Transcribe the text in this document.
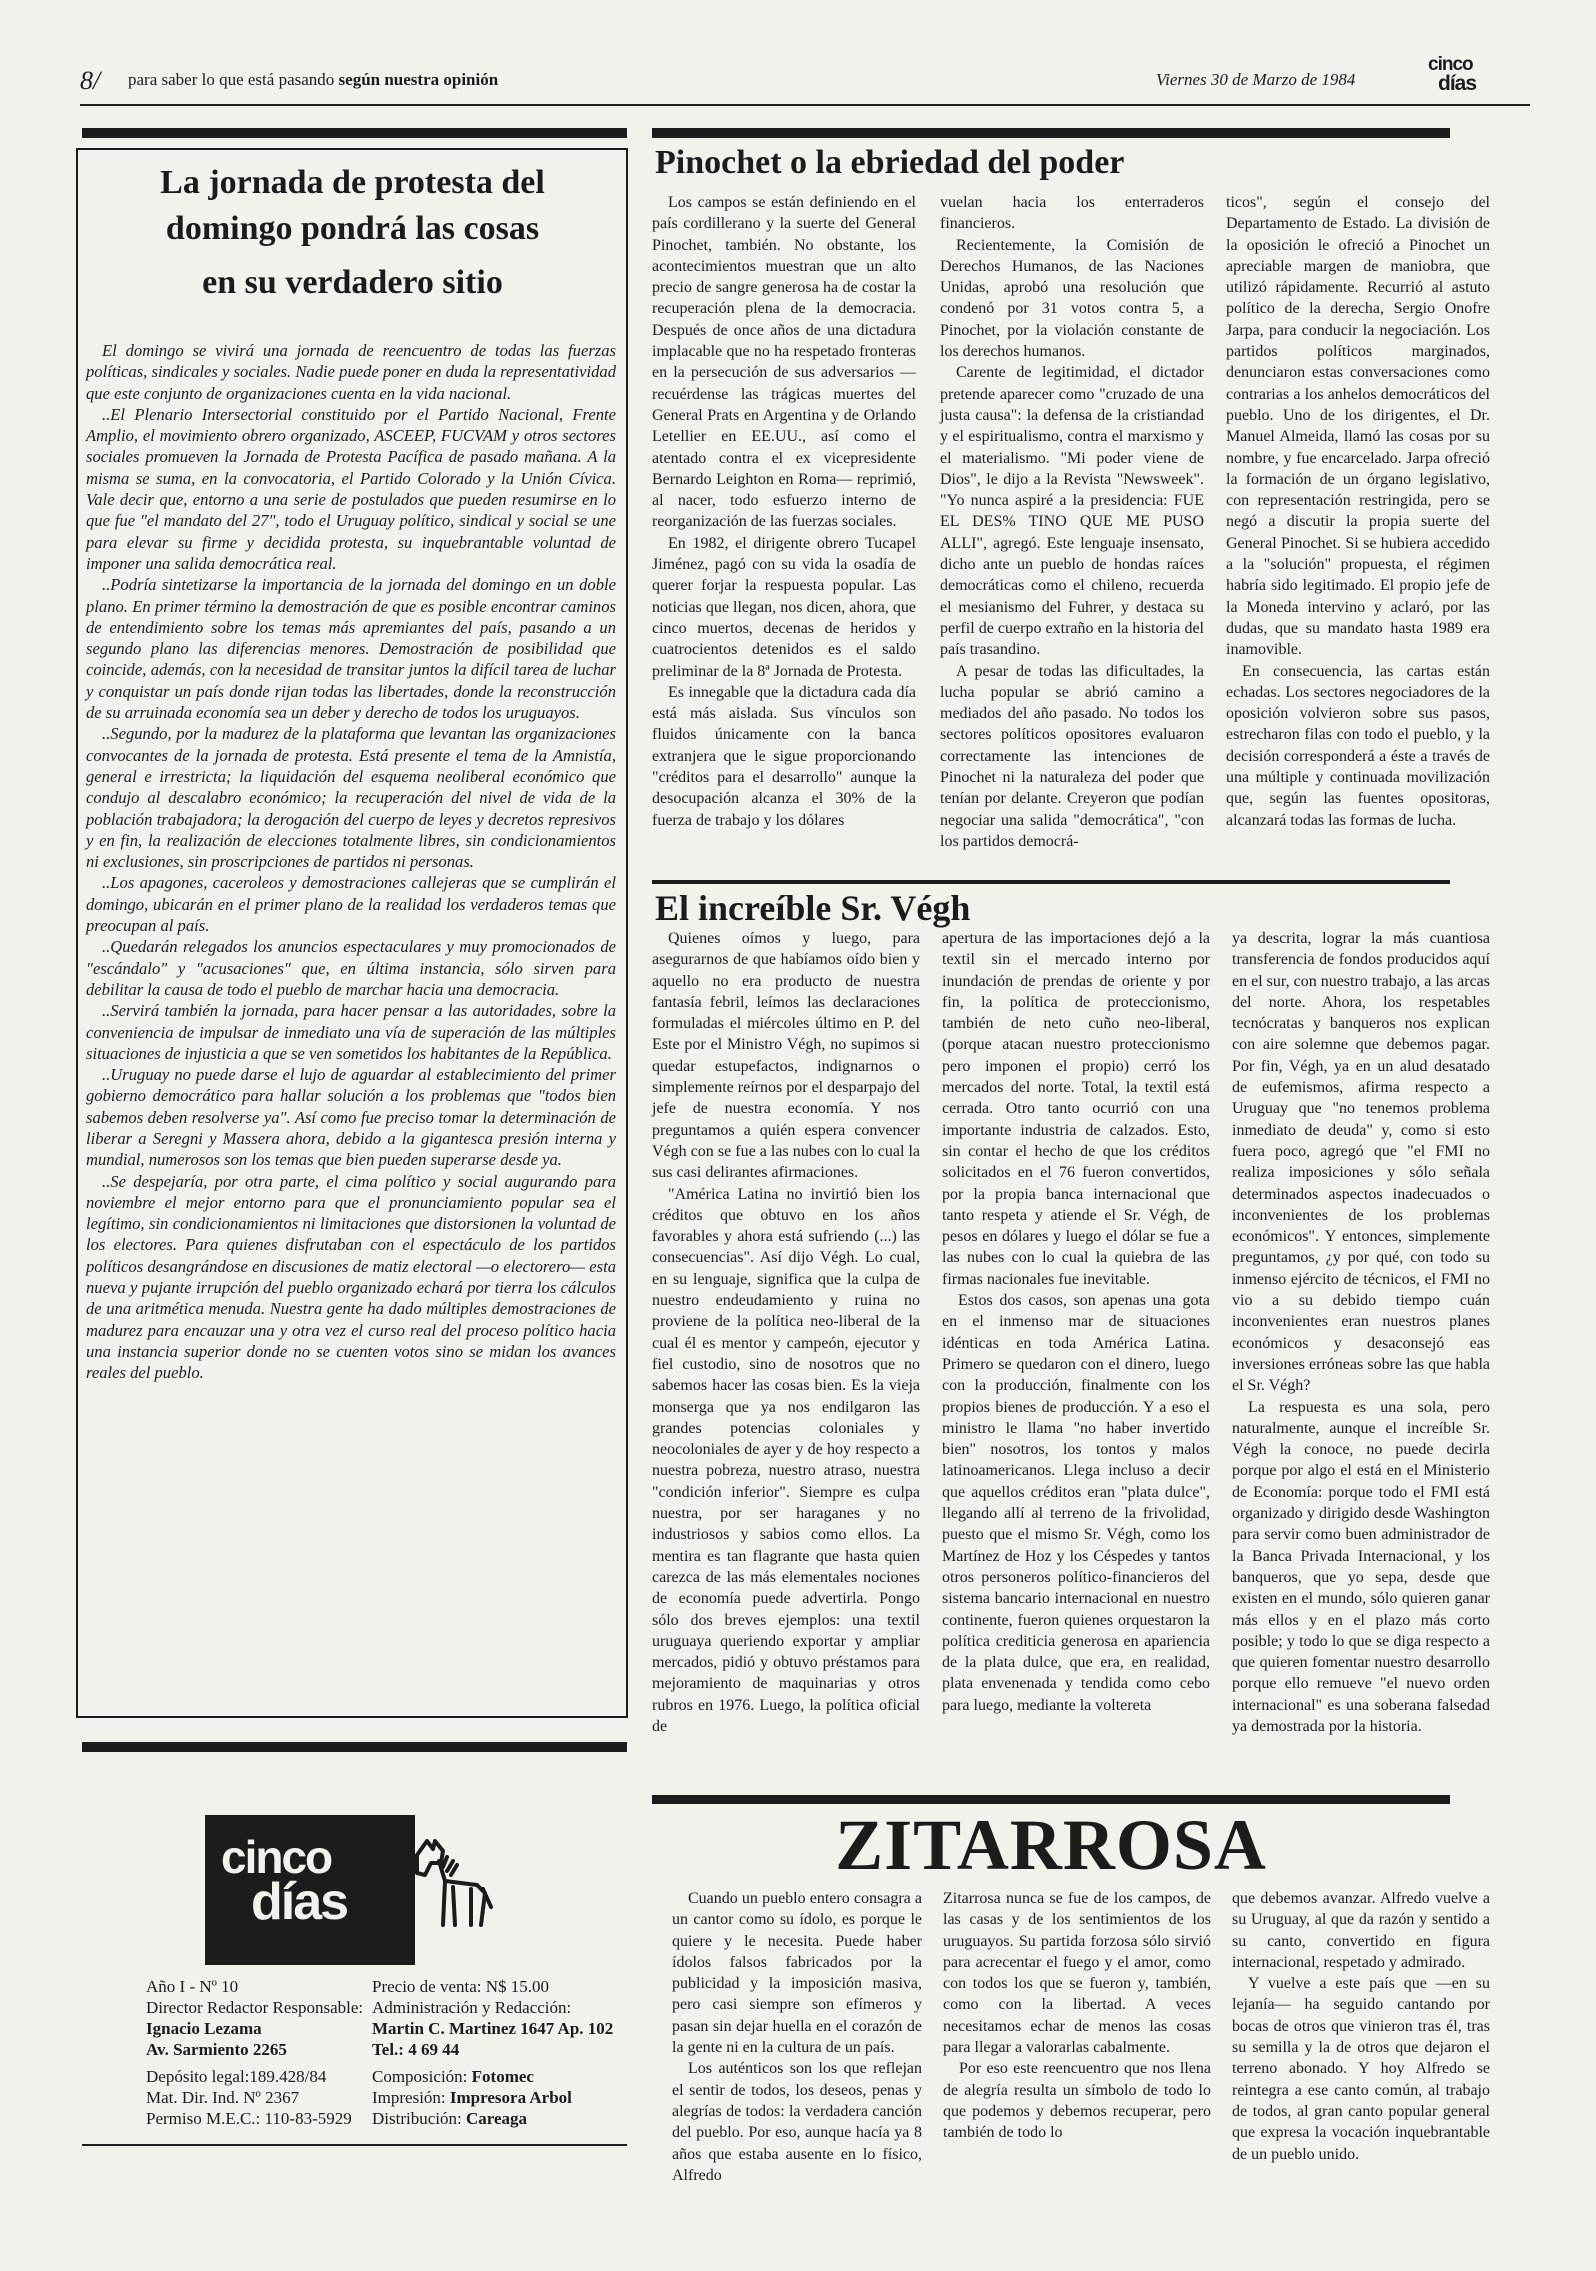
8/ para saber lo que está pasando según nuestra opinión	Viernes 30 de Marzo de 1984
cinco
días
La jornada de protesta del
domingo pondrá las cosas
en su verdadero sitio

El domingo se vivirá una jornada de reencuentro de todas las fuerzas políticas, sindicales y sociales. Nadie puede poner en duda la representatividad que este conjunto de organizaciones cuenta en la vida nacional.

..El Plenario Intersectorial constituido por el Partido Nacional, Frente Amplio, el movimiento obrero organizado, ASCEEP, FUCVAM y otros sectores sociales promueven la Jornada de Protesta Pacífica de pasado mañana. A la misma se suma, en la convocatoria, el Partido Colorado y la Unión Cívica. Vale decir que, entorno a una serie de postulados que pueden resumirse en lo que fue "el mandato del 27", todo el Uruguay político, sindical y social se une para elevar su firme y decidida protesta, su inquebrantable voluntad de imponer una salida democrática real.

..Podría sintetizarse la importancia de la jornada del domingo en un doble plano. En primer término la demostración de que es posible encontrar caminos de entendimiento sobre los temas más apremiantes del país, pasando a un segundo plano las diferencias menores. Demostración de posibilidad que coincide, además, con la necesidad de transitar juntos la difícil tarea de luchar y conquistar un país donde rijan todas las libertades, donde la reconstrucción de su arruinada economía sea un deber y derecho de todos los uruguayos.

..Segundo, por la madurez de la plataforma que levantan las organizaciones convocantes de la jornada de protesta. Está presente el tema de la Amnistía, general e irrestricta; la liquidación del esquema neoliberal económico que condujo al descalabro económico; la recuperación del nivel de vida de la población trabajadora; la derogación del cuerpo de leyes y decretos represivos y en fin, la realización de elecciones totalmente libres, sin condicionamientos ni exclusiones, sin proscripciones de partidos ni personas.

..Los apagones, caceroleos y demostraciones callejeras que se cumplirán el domingo, ubicarán en el primer plano de la realidad los verdaderos temas que preocupan al país.

..Quedarán relegados los anuncios espectaculares y muy promocionados de "escándalo" y "acusaciones" que, en última instancia, sólo sirven para debilitar la causa de todo el pueblo de marchar hacia una democracia.

..Servirá también la jornada, para hacer pensar a las autoridades, sobre la conveniencia de impulsar de inmediato una vía de superación de las múltiples situaciones de injusticia a que se ven sometidos los habitantes de la República.

..Uruguay no puede darse el lujo de aguardar al establecimiento del primer gobierno democrático para hallar solución a los problemas que "todos bien sabemos deben resolverse ya". Así como fue preciso tomar la determinación de liberar a Seregni y Massera ahora, debido a la gigantesca presión interna y mundial, numerosos son los temas que bien pueden superarse desde ya.

..Se despejaría, por otra parte, el cima político y social augurando para noviembre el mejor entorno para que el pronunciamiento popular sea el legítimo, sin condicionamientos ni limitaciones que distorsionen la voluntad de los electores. Para quienes disfrutaban con el espectáculo de los partidos políticos desangrándose en discusiones de matiz electoral —o electorero— esta nueva y pujante irrupción del pueblo organizado echará por tierra los cálculos de una aritmética menuda. Nuestra gente ha dado múltiples demostraciones de madurez para encauzar una y otra vez el curso real del proceso político hacia una instancia superior donde no se cuenten votos sino se midan los avances reales del pueblo.

Pinochet o la ebriedad del poder

Los campos se están definiendo en el país cordillerano y la suerte del General Pinochet, también. No obstante, los acontecimientos muestran que un alto precio de sangre generosa ha de costar la recuperación plena de la democracia. Después de once años de una dictadura implacable que no ha respetado fronteras en la persecución de sus adversarios —recuérdense las trágicas muertes del General Prats en Argentina y de Orlando Letellier en EE.UU., así como el atentado contra el ex vicepresidente Bernardo Leighton en Roma— reprimió, al nacer, todo esfuerzo interno de reorganización de las fuerzas sociales.

En 1982, el dirigente obrero Tucapel Jiménez, pagó con su vida la osadía de querer forjar la respuesta popular. Las noticias que llegan, nos dicen, ahora, que cinco muertos, decenas de heridos y cuatrocientos detenidos es el saldo preliminar de la 8ª Jornada de Protesta.

Es innegable que la dictadura cada día está más aislada. Sus vínculos son fluidos únicamente con la banca extranjera que le sigue proporcionando "créditos para el desarrollo" aunque la desocupación alcanza el 30% de la fuerza de trabajo y los dólares

vuelan hacia los enterraderos financieros.

Recientemente, la Comisión de Derechos Humanos, de las Naciones Unidas, aprobó una resolución que condenó por 31 votos contra 5, a Pinochet, por la violación constante de los derechos humanos.

Carente de legitimidad, el dictador pretende aparecer como "cruzado de una justa causa": la defensa de la cristiandad y el espiritualismo, contra el marxismo y el materialismo. "Mi poder viene de Dios", le dijo a la Revista "Newsweek". "Yo nunca aspiré a la presidencia: FUE EL DES% TINO QUE ME PUSO ALLI", agregó. Este lenguaje insensato, dicho ante un pueblo de hondas raíces democráticas como el chileno, recuerda el mesianismo del Fuhrer, y destaca su perfil de cuerpo extraño en la historia del país trasandino.

A pesar de todas las dificultades, la lucha popular se abrió camino a mediados del año pasado. No todos los sectores políticos opositores evaluaron correctamente las intenciones de Pinochet ni la naturaleza del poder que tenían por delante. Creyeron que podían negociar una salida "democrática", "con los partidos democrá-

ticos", según el consejo del Departamento de Estado. La división de la oposición le ofreció a Pinochet un apreciable margen de maniobra, que utilizó rápidamente. Recurrió al astuto político de la derecha, Sergio Onofre Jarpa, para conducir la negociación. Los partidos políticos marginados, denunciaron estas conversaciones como contrarias a los anhelos democráticos del pueblo. Uno de los dirigentes, el Dr. Manuel Almeida, llamó las cosas por su nombre, y fue encarcelado. Jarpa ofreció la formación de un órgano legislativo, con representación restringida, pero se negó a discutir la propia suerte del General Pinochet. Si se hubiera accedido a la "solución" propuesta, el régimen habría sido legitimado. El propio jefe de la Moneda intervino y aclaró, por las dudas, que su mandato hasta 1989 era inamovible.

En consecuencia, las cartas están echadas. Los sectores negociadores de la oposición volvieron sobre sus pasos, estrecharon filas con todo el pueblo, y la decisión corresponderá a éste a través de una múltiple y continuada movilización que, según las fuentes opositoras, alcanzará todas las formas de lucha.

El increíble Sr. Végh

Quienes oímos y luego, para asegurarnos de que habíamos oído bien y aquello no era producto de nuestra fantasía febril, leímos las declaraciones formuladas el miércoles último en P. del Este por el Ministro Végh, no supimos si quedar estupefactos, indignarnos o simplemente reírnos por el desparpajo del jefe de nuestra economía. Y nos preguntamos a quién espera convencer Végh con se fue a las nubes con lo cual la sus casi delirantes afirmaciones.

"América Latina no invirtió bien los créditos que obtuvo en los años favorables y ahora está sufriendo (...) las consecuencias". Así dijo Végh. Lo cual, en su lenguaje, significa que la culpa de nuestro endeudamiento y ruina no proviene de la política neo-liberal de la cual él es mentor y campeón, ejecutor y fiel custodio, sino de nosotros que no sabemos hacer las cosas bien. Es la vieja monserga que ya nos endilgaron las grandes potencias coloniales y neocoloniales de ayer y de hoy respecto a nuestra pobreza, nuestro atraso, nuestra "condición inferior". Siempre es culpa nuestra, por ser haraganes y no industriosos y sabios como ellos. La mentira es tan flagrante que hasta quien carezca de las más elementales nociones de economía puede advertirla. Pongo sólo dos breves ejemplos: una textil uruguaya queriendo exportar y ampliar mercados, pidió y obtuvo préstamos para mejoramiento de maquinarias y otros rubros en 1976. Luego, la política oficial de

apertura de las importaciones dejó a la textil sin el mercado interno por inundación de prendas de oriente y por fin, la política de proteccionismo, también de neto cuño neo-liberal, (porque atacan nuestro proteccionismo pero imponen el propio) cerró los mercados del norte. Total, la textil está cerrada. Otro tanto ocurrió con una importante industria de calzados. Esto, sin contar el hecho de que los créditos solicitados en el 76 fueron convertidos, por la propia banca internacional que tanto respeta y atiende el Sr. Végh, de pesos en dólares y luego el dólar se fue a las nubes con lo cual la quiebra de las firmas nacionales fue inevitable.

Estos dos casos, son apenas una gota en el inmenso mar de situaciones idénticas en toda América Latina. Primero se quedaron con el dinero, luego con la producción, finalmente con los propios bienes de producción. Y a eso el ministro le llama "no haber invertido bien" nosotros, los tontos y malos latinoamericanos. Llega incluso a decir que aquellos créditos eran "plata dulce", llegando allí al terreno de la frivolidad, puesto que el mismo Sr. Végh, como los Martínez de Hoz y los Céspedes y tantos otros personeros político-financieros del sistema bancario internacional en nuestro continente, fueron quienes orquestaron la política crediticia generosa en apariencia de la plata dulce, que era, en realidad, plata envenenada y tendida como cebo para luego, mediante la voltereta

ya descrita, lograr la más cuantiosa transferencia de fondos producidos aquí en el sur, con nuestro trabajo, a las arcas del norte. Ahora, los respetables tecnócratas y banqueros nos explican con aire solemne que debemos pagar. Por fin, Végh, ya en un alud desatado de eufemismos, afirma respecto a Uruguay que "no tenemos problema inmediato de deuda" y, como si esto fuera poco, agregó que "el FMI no realiza imposiciones y sólo señala determinados aspectos inadecuados o inconvenientes de los problemas económicos". Y entonces, simplemente preguntamos, ¿y por qué, con todo su inmenso ejército de técnicos, el FMI no vio a su debido tiempo cuán inconvenientes eran nuestros planes económicos y desaconsejó eas inversiones erróneas sobre las que habla el Sr. Végh?

La respuesta es una sola, pero naturalmente, aunque el increíble Sr. Végh la conoce, no puede decirla porque por algo el está en el Ministerio de Economía: porque todo el FMI está organizado y dirigido desde Washington para servir como buen administrador de la Banca Privada Internacional, y los banqueros, que yo sepa, desde que existen en el mundo, sólo quieren ganar más ellos y en el plazo más corto posible; y todo lo que se diga respecto a que quieren fomentar nuestro desarrollo porque ello remueve "el nuevo orden internacional" es una soberana falsedad ya demostrada por la historia.

ZITARROSA

Cuando un pueblo entero consagra a un cantor como su ídolo, es porque le quiere y le necesita. Puede haber ídolos falsos fabricados por la publicidad y la imposición masiva, pero casi siempre son efímeros y pasan sin dejar huella en el corazón de la gente ni en la cultura de un país.

Los auténticos son los que reflejan el sentir de todos, los deseos, penas y alegrías de todos: la verdadera canción del pueblo. Por eso, aunque hacía ya 8 años que estaba ausente en lo físico, Alfredo

Zitarrosa nunca se fue de los campos, de las casas y de los sentimientos de los uruguayos. Su partida forzosa sólo sirvió para acrecentar el fuego y el amor, como con todos los que se fueron y, también, como con la libertad. A veces necesitamos echar de menos las cosas para llegar a valorarlas cabalmente.

Por eso este reencuentro que nos llena de alegría resulta un símbolo de todo lo que podemos y debemos recuperar, pero también de todo lo

que debemos avanzar. Alfredo vuelve a su Uruguay, al que da razón y sentido a su canto, convertido en figura internacional, respetado y admirado.

Y vuelve a este país que —en su lejanía— ha seguido cantando por bocas de otros que vinieron tras él, tras su semilla y la de otros que dejaron el terreno abonado. Y hoy Alfredo se reintegra a ese canto común, al trabajo de todos, al gran canto popular general que expresa la vocación inquebrantable de un pueblo unido.

cinco
días
Año I - Nº 10
Director Redactor Responsable:
Ignacio Lezama
Av. Sarmiento 2265
Depósito legal:189.428/84
Mat. Dir. Ind. Nº 2367
Permiso M.E.C.: 110-83-5929
Precio de venta: N$ 15.00
Administración y Redacción:
Martin C. Martinez 1647 Ap. 102
Tel.: 4 69 44
Composición: Fotomec
Impresión: Impresora Arbol
Distribución: Careaga
